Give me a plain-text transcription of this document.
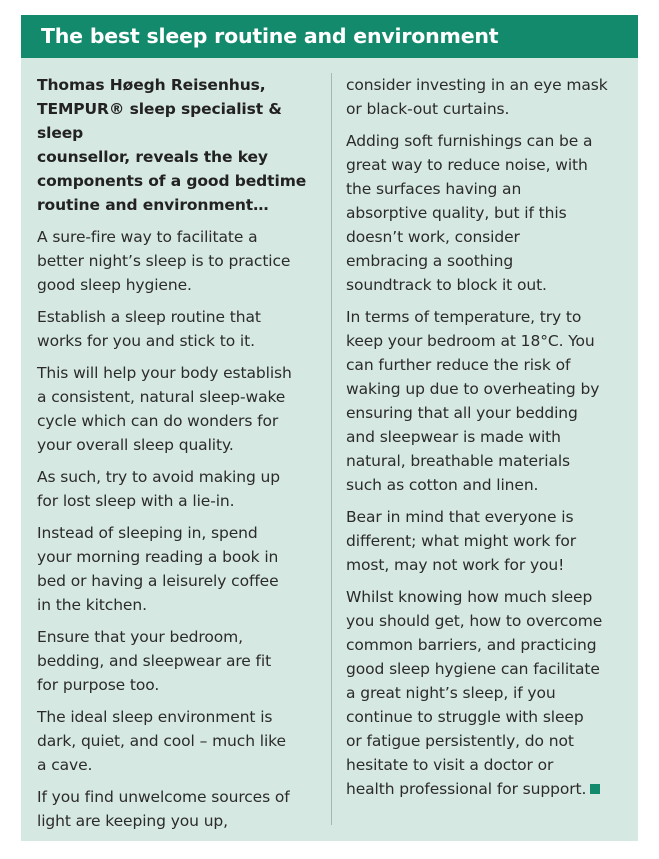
The best sleep routine and environment

Thomas Høegh Reisenhus,
TEMPUR® sleep specialist & sleep
counsellor, reveals the key
components of a good bedtime
routine and environment…

A sure-fire way to facilitate a
better night’s sleep is to practice
good sleep hygiene.

Establish a sleep routine that
works for you and stick to it.

This will help your body establish
a consistent, natural sleep-wake
cycle which can do wonders for
your overall sleep quality.

As such, try to avoid making up
for lost sleep with a lie-in.

Instead of sleeping in, spend
your morning reading a book in
bed or having a leisurely coffee
in the kitchen.

Ensure that your bedroom,
bedding, and sleepwear are fit
for purpose too.

The ideal sleep environment is
dark, quiet, and cool – much like
a cave.

If you find unwelcome sources of
light are keeping you up,

consider investing in an eye mask
or black-out curtains.

Adding soft furnishings can be a
great way to reduce noise, with
the surfaces having an
absorptive quality, but if this
doesn’t work, consider
embracing a soothing
soundtrack to block it out.

In terms of temperature, try to
keep your bedroom at 18°C. You
can further reduce the risk of
waking up due to overheating by
ensuring that all your bedding
and sleepwear is made with
natural, breathable materials
such as cotton and linen.

Bear in mind that everyone is
different; what might work for
most, may not work for you!

Whilst knowing how much sleep
you should get, how to overcome
common barriers, and practicing
good sleep hygiene can facilitate
a great night’s sleep, if you
continue to struggle with sleep
or fatigue persistently, do not
hesitate to visit a doctor or
health professional for support.
